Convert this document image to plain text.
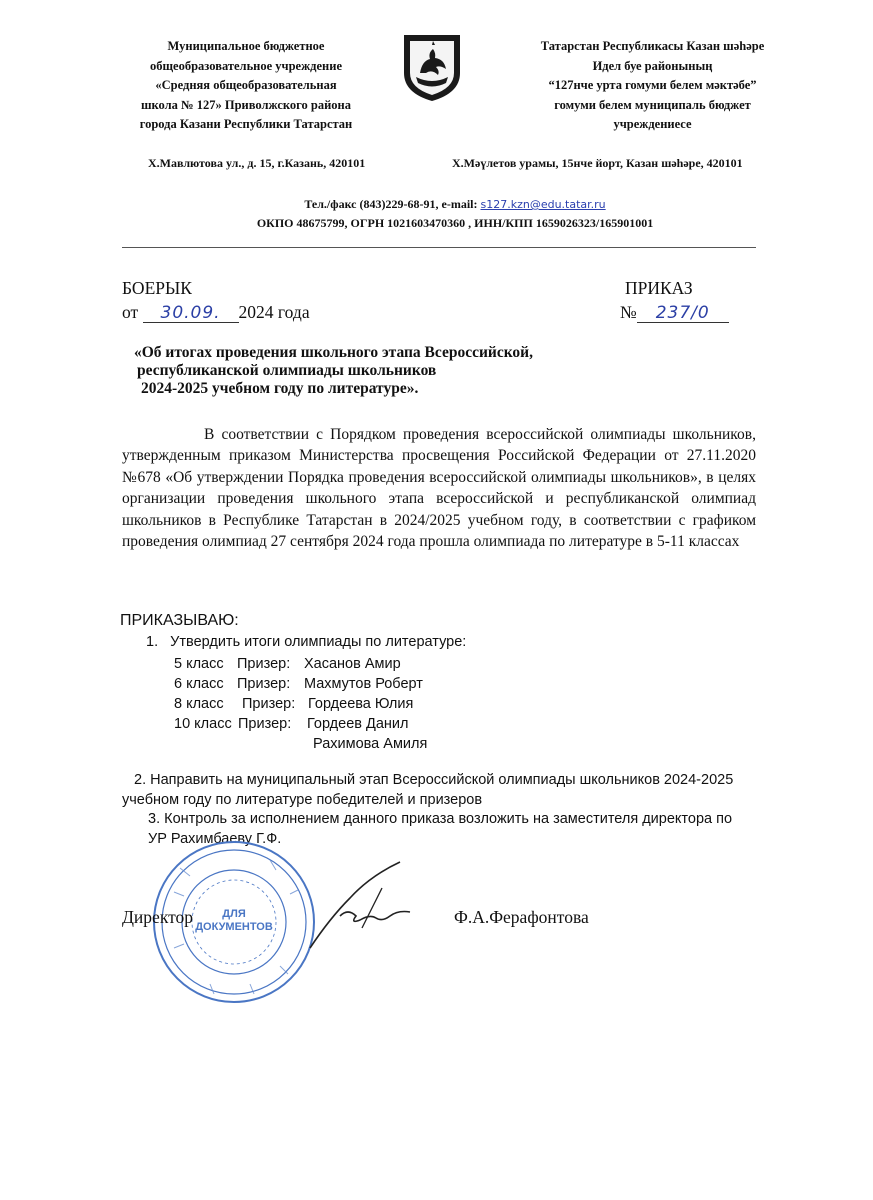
Муниципальное бюджетное
общеобразовательное учреждение
«Средняя общеобразовательная
школа № 127» Приволжского района
города Казани Республики Татарстан
Татарстан Республикасы Казан шәһәре
Идел буе районының
“127нче урта гомуми белем мәктәбе”
гомуми белем муниципаль бюджет
учреждениесе
Х.Мавлютова ул., д. 15, г.Казань, 420101	Х.Мәүлетов урамы, 15нче йорт, Казан шәһәре, 420101
Тел./факс (843)229-68-91, e-mail: s127.kzn@edu.tatar.ru
ОКПО 48675799, ОГРН 1021603470360 , ИНН/КПП 1659026323/165901001
БОЕРЫК	ПРИКАЗ
от 30.09. 2024 года	№ 237/0
«Об итогах проведения школьного этапа Всероссийской,
республиканской олимпиады школьников
2024-2025 учебном году по литературе».
В соответствии с Порядком проведения всероссийской олимпиады школьников, утвержденным приказом Министерства просвещения Российской Федерации от 27.11.2020 №678 «Об утверждении Порядка проведения всероссийской олимпиады школьников», в целях организации проведения школьного этапа всероссийской и республиканской олимпиад школьников в Республике Татарстан в 2024/2025 учебном году, в соответствии с графиком проведения олимпиад 27 сентября 2024 года прошла олимпиада по литературе в 5-11 классах
ПРИКАЗЫВАЮ:
1.   Утвердить итоги олимпиады по литературе:
5 класс Призер: Хасанов Амир
6 класс Призер: Махмутов Роберт
8 класс Призер: Гордеева Юлия
10 класс Призер: Гордеев Данил
Рахимова Амиля
2. Направить на муниципальный этап Всероссийской олимпиады школьников 2024-2025
учебном году по литературе победителей и призеров
3. Контроль за исполнением данного приказа возложить на заместителя директора по
УР Рахимбаеву Г.Ф.
ДЛЯ
ДОКУМЕНТОВ
Директор	Ф.А.Ферафонтова
